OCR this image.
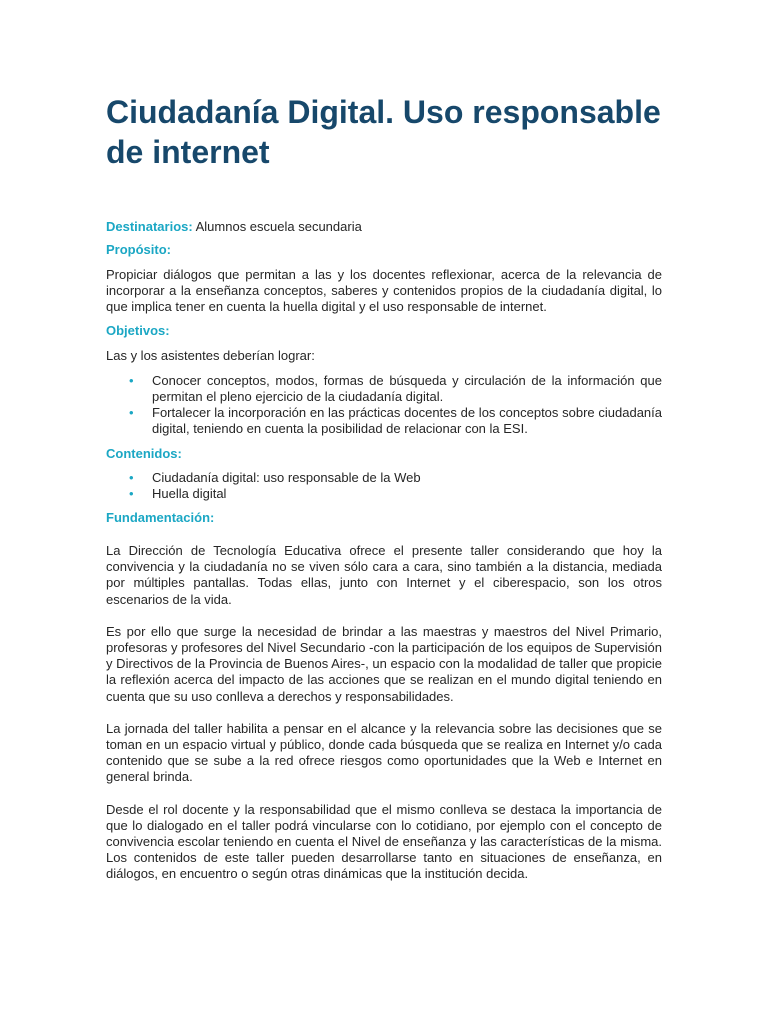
Ciudadanía Digital. Uso responsable de internet
Destinatarios: Alumnos escuela secundaria
Propósito:

Propiciar diálogos que permitan a las y los docentes reflexionar, acerca de la relevancia de incorporar a la enseñanza conceptos, saberes y contenidos propios de la ciudadanía digital, lo que implica tener en cuenta la huella digital y el uso responsable de internet.

Objetivos:

Las y los asistentes deberían lograr:

• Conocer conceptos, modos, formas de búsqueda y circulación de la información que permitan el pleno ejercicio de la ciudadanía digital.
• Fortalecer la incorporación en las prácticas docentes de los conceptos sobre ciudadanía digital, teniendo en cuenta la posibilidad de relacionar con la ESI.
Contenidos:
• Ciudadanía digital: uso responsable de la Web
• Huella digital
Fundamentación:

La Dirección de Tecnología Educativa ofrece el presente taller considerando que hoy la convivencia y la ciudadanía no se viven sólo cara a cara, sino también a la distancia, mediada por múltiples pantallas. Todas ellas, junto con Internet y el ciberespacio, son los otros escenarios de la vida.

Es por ello que surge la necesidad de brindar a las maestras y maestros del Nivel Primario, profesoras y profesores del Nivel Secundario -con la participación de los equipos de Supervisión y Directivos de la Provincia de Buenos Aires-, un espacio con la modalidad de taller que propicie la reflexión acerca del impacto de las acciones que se realizan en el mundo digital teniendo en cuenta que su uso conlleva a derechos y responsabilidades.

La jornada del taller habilita a pensar en el alcance y la relevancia sobre las decisiones que se toman en un espacio virtual y público, donde cada búsqueda que se realiza en Internet y/o cada contenido que se sube a la red ofrece riesgos como oportunidades que la Web e Internet en general brinda.

Desde el rol docente y la responsabilidad que el mismo conlleva se destaca la importancia de que lo dialogado en el taller podrá vincularse con lo cotidiano, por ejemplo con el concepto de convivencia escolar teniendo en cuenta el Nivel de enseñanza y las características de la misma. Los contenidos de este taller pueden desarrollarse tanto en situaciones de enseñanza, en diálogos, en encuentro o según otras dinámicas que la institución decida.
